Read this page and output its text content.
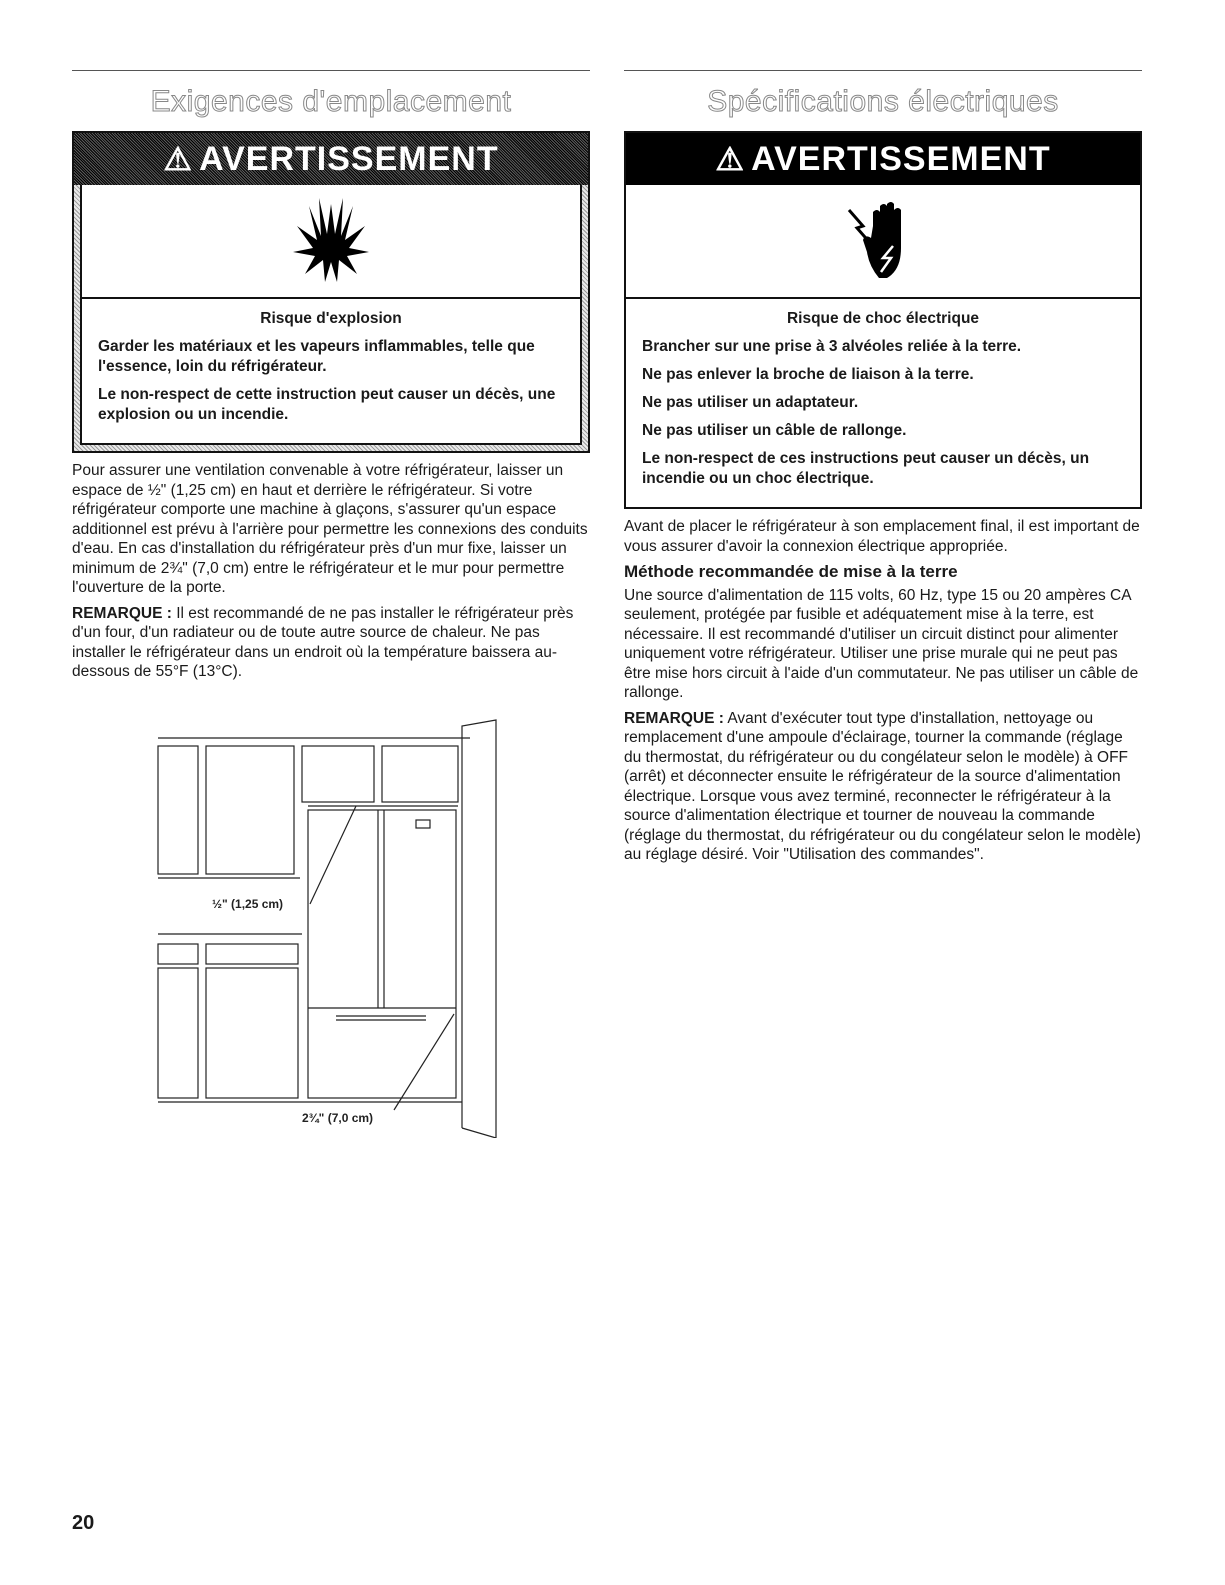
Exigences d'emplacement
⚠ AVERTISSEMENT
Risque d'explosion

Garder les matériaux et les vapeurs inflammables, telle que l'essence, loin du réfrigérateur.

Le non-respect de cette instruction peut causer un décès, une explosion ou un incendie.

Pour assurer une ventilation convenable à votre réfrigérateur, laisser un espace de ½" (1,25 cm) en haut et derrière le réfrigérateur. Si votre réfrigérateur comporte une machine à glaçons, s'assurer qu'un espace additionnel est prévu à l'arrière pour permettre les connexions des conduits d'eau. En cas d'installation du réfrigérateur près d'un mur fixe, laisser un minimum de 2¾" (7,0 cm) entre le réfrigérateur et le mur pour permettre l'ouverture de la porte.

REMARQUE : Il est recommandé de ne pas installer le réfrigérateur près d'un four, d'un radiateur ou de toute autre source de chaleur. Ne pas installer le réfrigérateur dans un endroit où la température baissera au-dessous de 55°F (13°C).

½" (1,25 cm)
2¾" (7,0 cm)
Spécifications électriques
⚠ AVERTISSEMENT
Risque de choc électrique

Brancher sur une prise à 3 alvéoles reliée à la terre.

Ne pas enlever la broche de liaison à la terre.

Ne pas utiliser un adaptateur.

Ne pas utiliser un câble de rallonge.

Le non-respect de ces instructions peut causer un décès, un incendie ou un choc électrique.

Avant de placer le réfrigérateur à son emplacement final, il est important de vous assurer d'avoir la connexion électrique appropriée.

Méthode recommandée de mise à la terre

Une source d'alimentation de 115 volts, 60 Hz, type 15 ou 20 ampères CA seulement, protégée par fusible et adéquatement mise à la terre, est nécessaire. Il est recommandé d'utiliser un circuit distinct pour alimenter uniquement votre réfrigérateur. Utiliser une prise murale qui ne peut pas être mise hors circuit à l'aide d'un commutateur. Ne pas utiliser un câble de rallonge.

REMARQUE : Avant d'exécuter tout type d'installation, nettoyage ou remplacement d'une ampoule d'éclairage, tourner la commande (réglage du thermostat, du réfrigérateur ou du congélateur selon le modèle) à OFF (arrêt) et déconnecter ensuite le réfrigérateur de la source d'alimentation électrique. Lorsque vous avez terminé, reconnecter le réfrigérateur à la source d'alimentation électrique et tourner de nouveau la commande (réglage du thermostat, du réfrigérateur ou du congélateur selon le modèle) au réglage désiré. Voir "Utilisation des commandes".

20
